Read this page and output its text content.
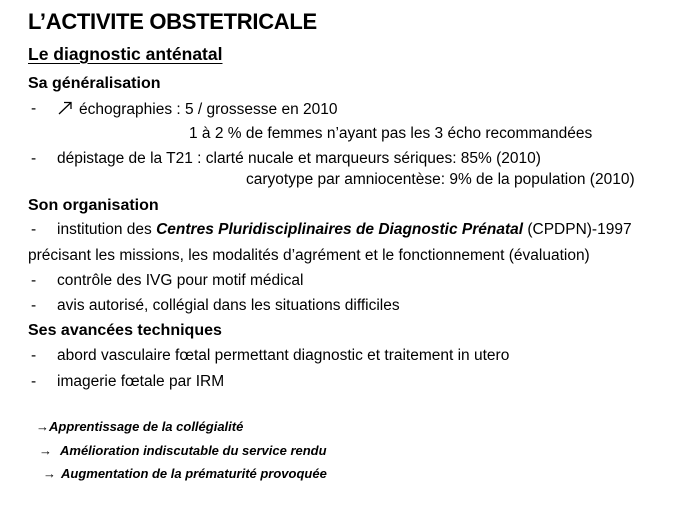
L’ACTIVITE OBSTETRICALE
Le diagnostic anténatal
Sa généralisation
-	échographies : 5 / grossesse en 2010
1 à 2 % de femmes n’ayant pas les 3 écho recommandées
- dépistage de la T21 : clarté nucale et marqueurs sériques: 85% (2010)
caryotype par amniocentèse: 9% de la population (2010)
Son organisation
- institution des Centres Pluridisciplinaires de Diagnostic Prénatal (CPDPN)-1997
précisant les missions, les modalités d’agrément et le fonctionnement (évaluation)
- contrôle des IVG pour motif médical
- avis autorisé, collégial dans les situations difficiles
Ses avancées techniques
- abord vasculaire fœtal permettant diagnostic et traitement in utero
- imagerie fœtale par IRM
→Apprentissage de la collégialité
→ Amélioration indiscutable du service rendu
→ Augmentation de la prématurité provoquée
